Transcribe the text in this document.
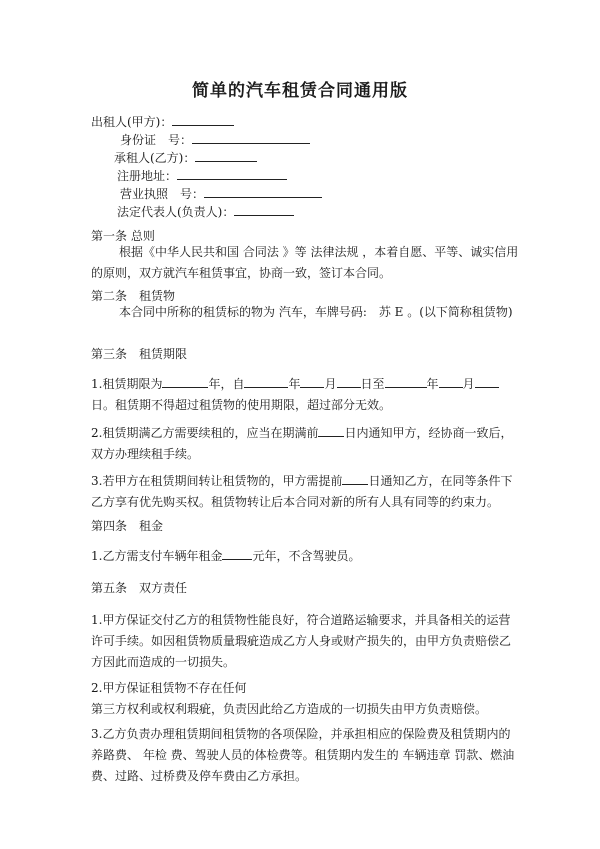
简单的汽车租赁合同通用版
出租人(甲方)：
身份证　号：
承租人(乙方)：
注册地址：
营业执照　号：
法定代表人(负责人)：
第一条 总则
根据《中华人民共和国 合同法 》等 法律法规 ，本着自愿、平等、诚实信用的原则，双方就汽车租赁事宜，协商一致，签订本合同。
第二条　租赁物
本合同中所称的租赁标的物为 汽车，车牌号码:　苏 E 。(以下简称租赁物)
第三条　租赁期限
1.租赁期限为	年，自	年 月 日至	年 月日。租赁期不得超过租赁物的使用期限，超过部分无效。
2.租赁期满乙方需要续租的，应当在期满前 日内通知甲方，经协商一致后，双方办理续租手续。
3.若甲方在租赁期间转让租赁物的，甲方需提前 日通知乙方，在同等条件下乙方享有优先购买权。租赁物转让后本合同对新的所有人具有同等的约束力。
第四条　租金
1.乙方需支付车辆年租金	元年，不含驾驶员。
第五条　双方责任
1.甲方保证交付乙方的租赁物性能良好，符合道路运输要求，并具备相关的运营许可手续。如因租赁物质量瑕疵造成乙方人身或财产损失的，由甲方负责赔偿乙方因此而造成的一切损失。
2.甲方保证租赁物不存在任何
第三方权利或权利瑕疵，负责因此给乙方造成的一切损失由甲方负责赔偿。
3.乙方负责办理租赁期间租赁物的各项保险，并承担相应的保险费及租赁期内的养路费、 年检 费、驾驶人员的体检费等。租赁期内发生的 车辆违章 罚款、燃油费、过路、过桥费及停车费由乙方承担。
